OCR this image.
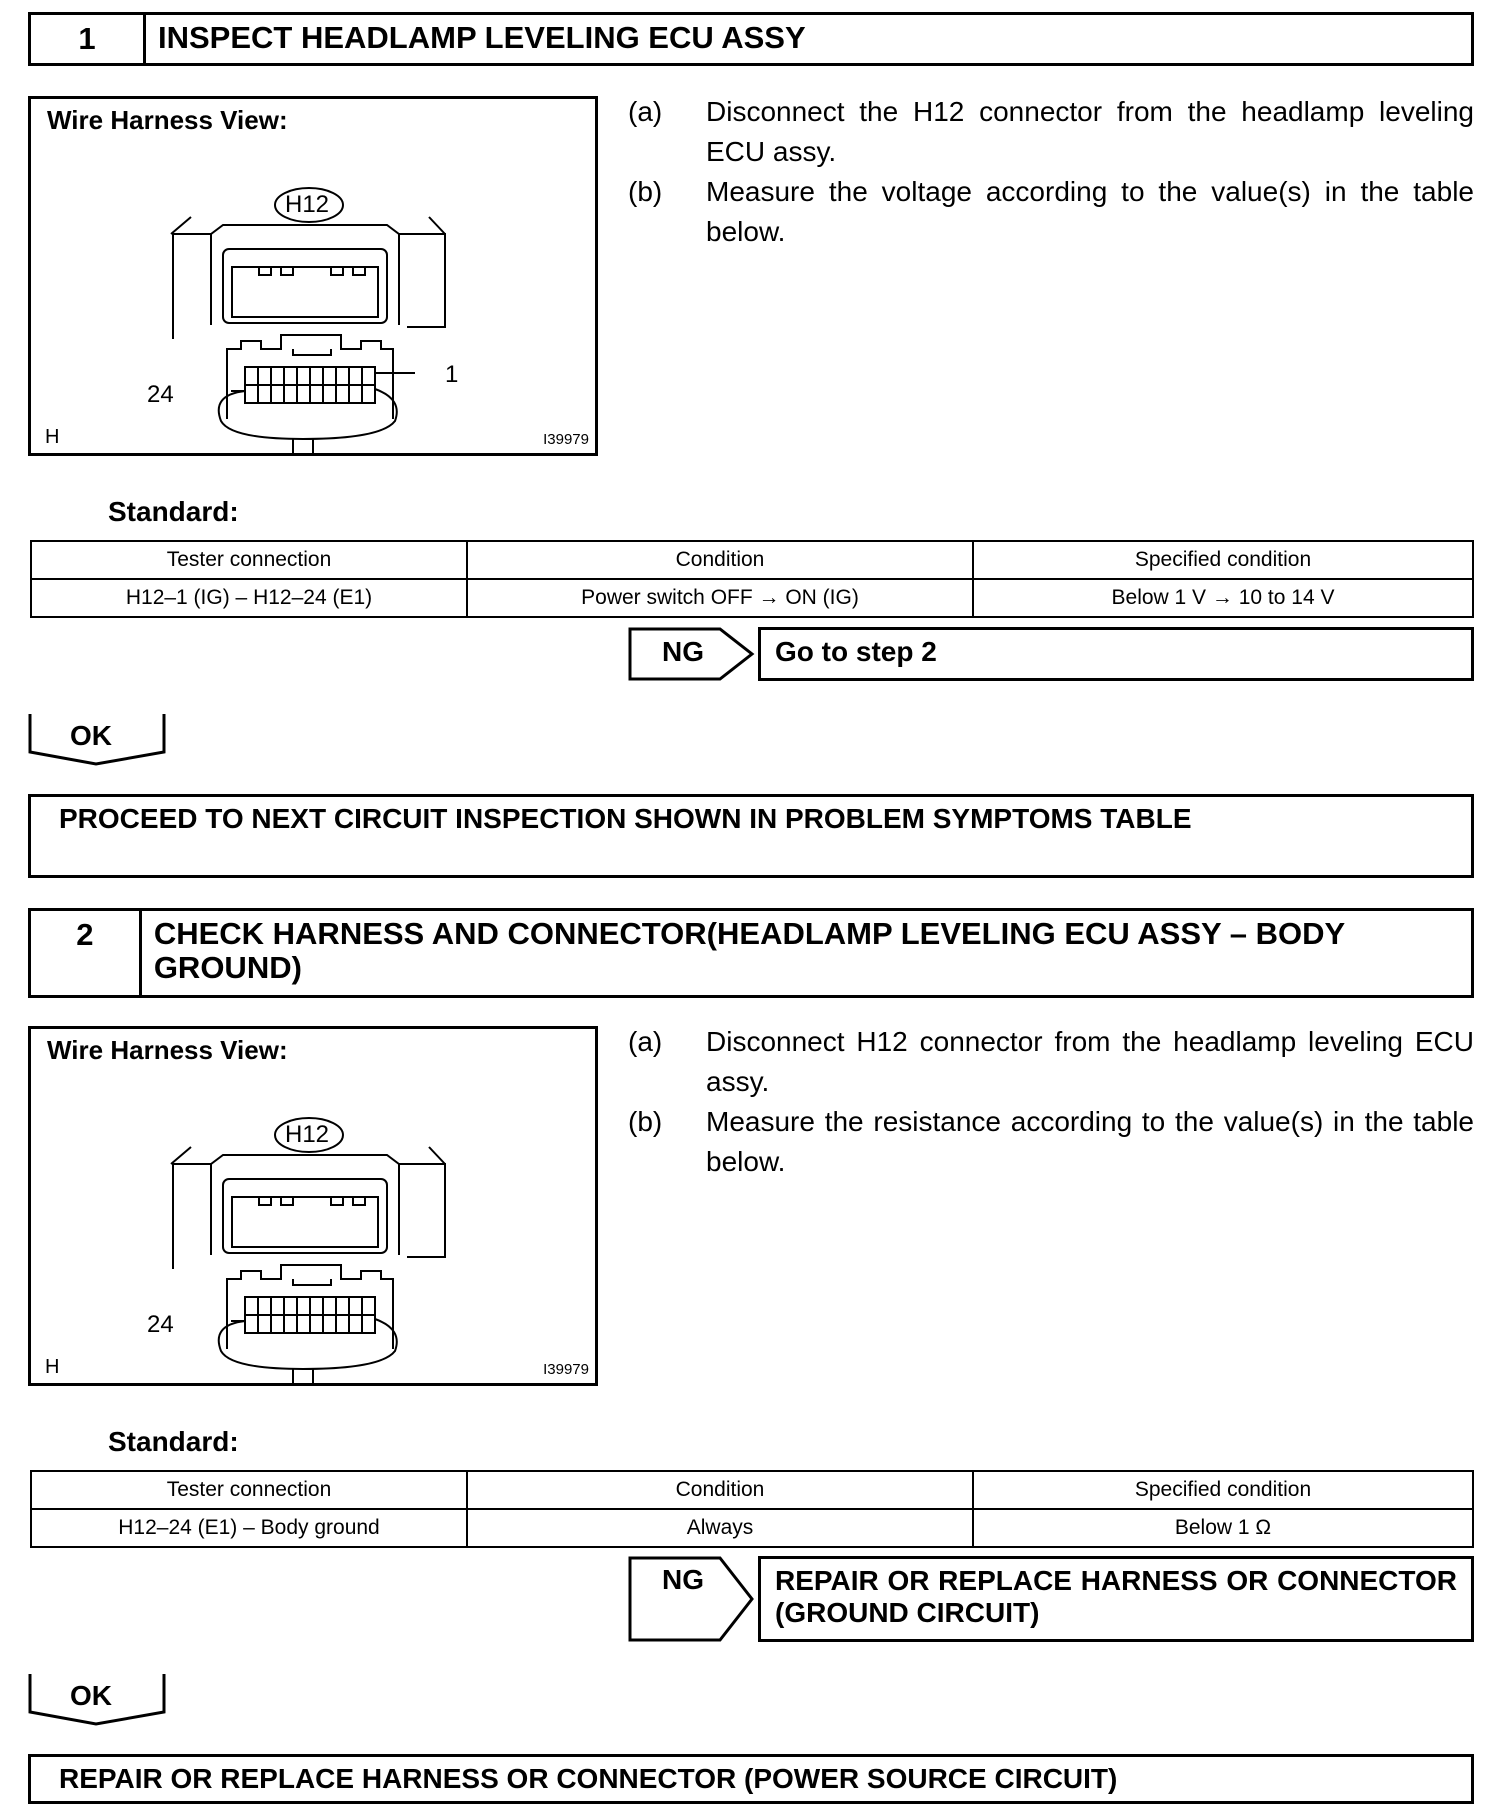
1	INSPECT HEADLAMP LEVELING ECU ASSY
Wire Harness View:
H12
24
1
H	I39979
(a)	Disconnect the H12 connector from the headlamp leveling ECU assy.
(b)	Measure the voltage according to the value(s) in the table below.
Standard:
Tester connection	Condition	Specified condition
H12–1 (IG) – H12–24 (E1)	Power switch OFF → ON (IG)	Below 1 V → 10 to 14 V
NG	Go to step 2
OK
PROCEED TO NEXT CIRCUIT INSPECTION SHOWN IN PROBLEM SYMPTOMS TABLE
2	CHECK HARNESS AND CONNECTOR(HEADLAMP LEVELING ECU ASSY – BODY GROUND)
Wire Harness View:
H12
24
H	I39979
(a)	Disconnect H12 connector from the headlamp leveling ECU assy.
(b)	Measure the resistance according to the value(s) in the table below.
Standard:
Tester connection	Condition	Specified condition
H12–24 (E1) – Body ground	Always	Below 1 Ω
NG	REPAIR OR REPLACE HARNESS OR CONNECTOR (GROUND CIRCUIT)
OK
REPAIR OR REPLACE HARNESS OR CONNECTOR (POWER SOURCE CIRCUIT)
